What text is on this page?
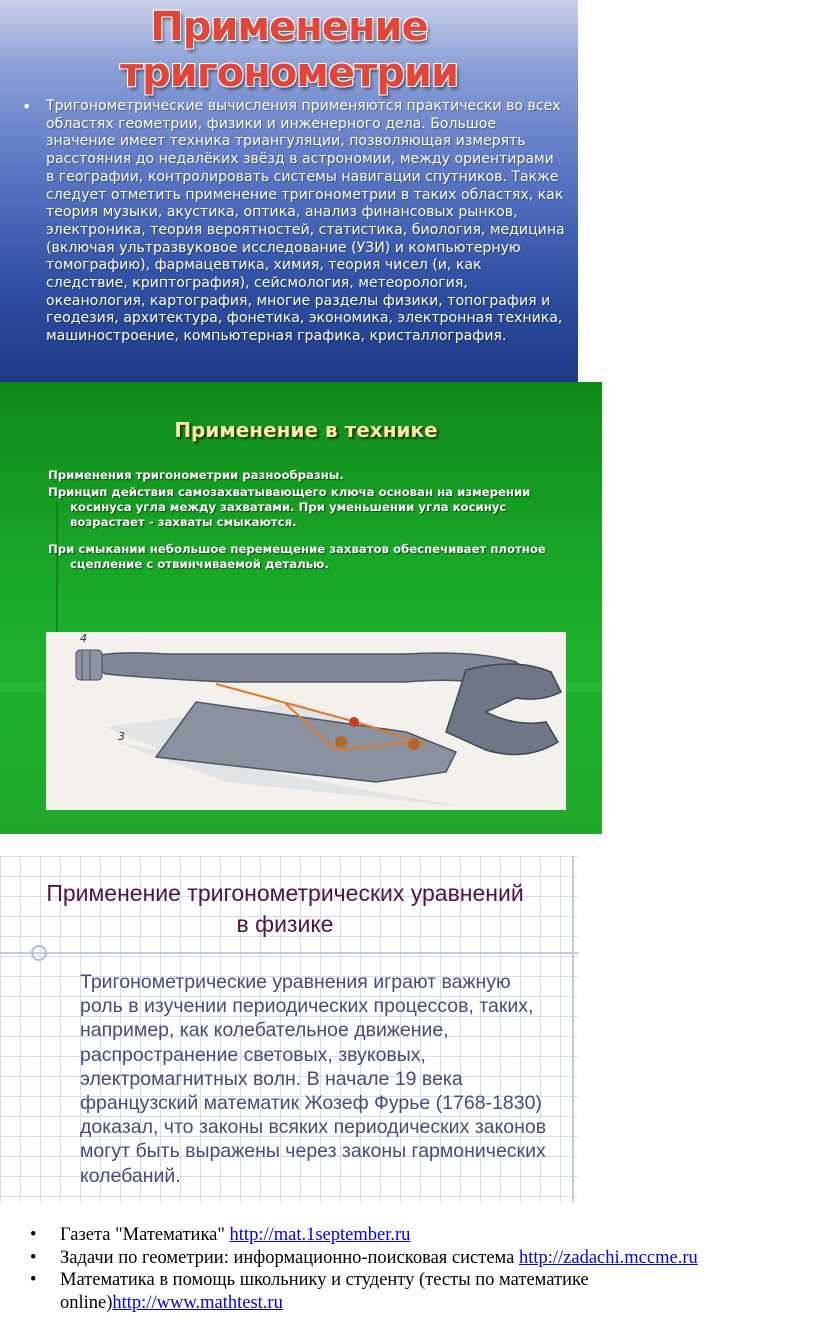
Применение тригонометрии
• Тригонометрические вычисления применяются практически во всех областях геометрии, физики и инженерного дела. Большое значение имеет техника триангуляции, позволяющая измерять расстояния до недалёких звёзд в астрономии, между ориентирами в географии, контролировать системы навигации спутников. Также следует отметить применение тригонометрии в таких областях, как теория музыки, акустика, оптика, анализ финансовых рынков, электроника, теория вероятностей, статистика, биология, медицина (включая ультразвуковое исследование (УЗИ) и компьютерную томографию), фармацевтика, химия, теория чисел (и, как следствие, криптография), сейсмология, метеорология, океанология, картография, многие разделы физики, топография и геодезия, архитектура, фонетика, экономика, электронная техника, машиностроение, компьютерная графика, кристаллография.
Применение в технике
Применения тригонометрии разнообразны.
Принцип действия самозахватывающего ключа основан на измерении косинуса угла между захватами. При уменьшении угла косинус возрастает - захваты смыкаются.
При смыкании небольшое перемещение захватов обеспечивает плотное сцепление с отвинчиваемой деталью.
4
3
Применение тригонометрических уравнений в физике
Тригонометрические уравнения играют важную роль в изучении периодических процессов, таких, например, как колебательное движение, распространение световых, звуковых, электромагнитных волн. В начале 19 века французский математик Жозеф Фурье (1768-1830) доказал, что законы всяких периодических законов могут быть выражены через законы гармонических колебаний.
• Газета "Математика" http://mat.1september.ru
• Задачи по геометрии: информационно-поисковая система http://zadachi.mccme.ru
• Математика в помощь школьнику и студенту (тесты по математике online)http://www.mathtest.ru
